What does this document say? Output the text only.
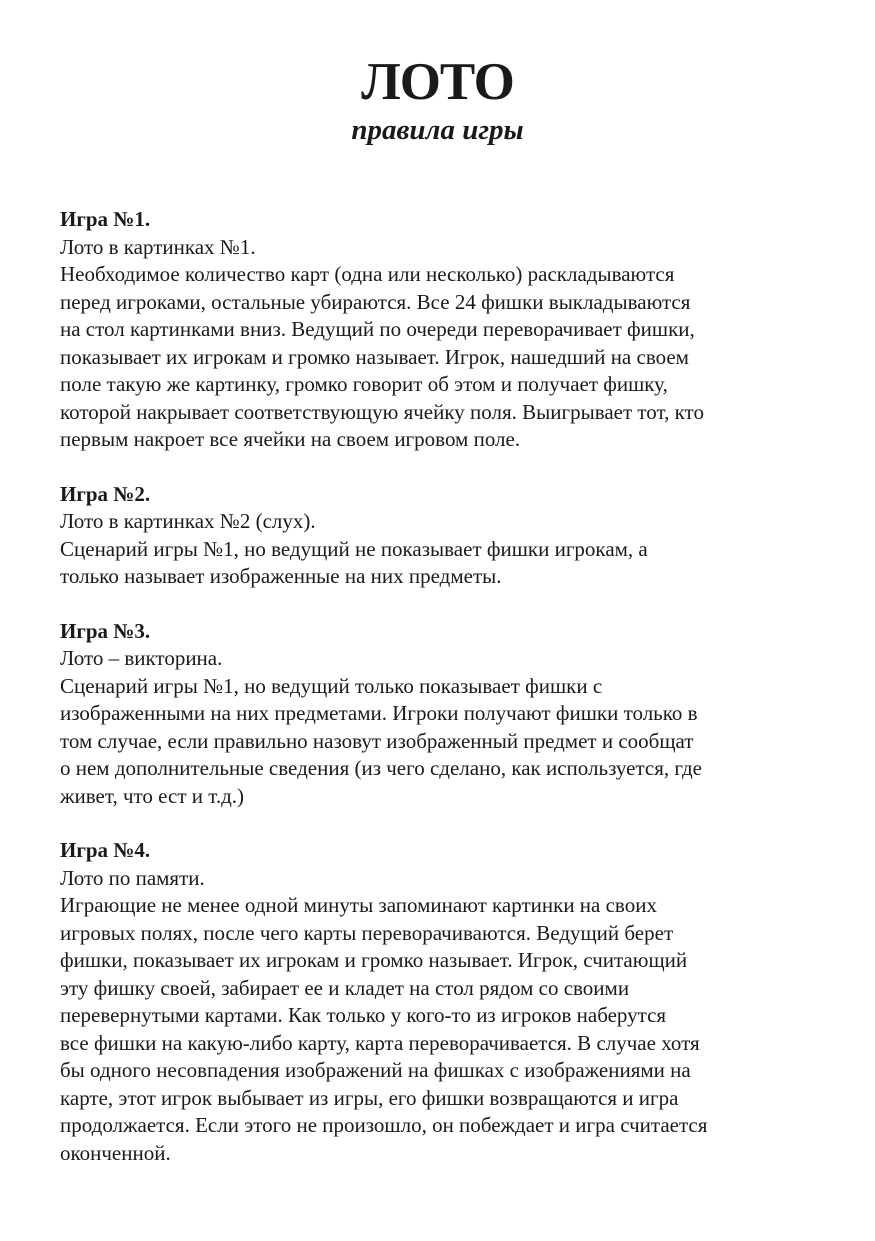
ЛОТО
правила игры

Игра №1.

Лото в картинках №1.

Необходимое количество карт (одна или несколько) раскладываются

перед игроками, остальные убираются. Все 24 фишки выкладываются

на стол картинками вниз. Ведущий по очереди переворачивает фишки,

показывает их игрокам и громко называет. Игрок, нашедший на своем

поле такую же картинку, громко говорит об этом и получает фишку,

которой накрывает соответствующую ячейку поля. Выигрывает тот, кто

первым накроет все ячейки на своем игровом поле.

Игра №2.

Лото в картинках №2 (слух).

Сценарий игры №1, но ведущий не показывает фишки игрокам, а

только называет изображенные на них предметы.

Игра №3.

Лото – викторина.

Сценарий игры №1, но ведущий только показывает фишки с

изображенными на них предметами. Игроки получают фишки только в

том случае, если правильно назовут изображенный предмет и сообщат

о нем дополнительные сведения (из чего сделано, как используется, где

живет, что ест и т.д.)

Игра №4.

Лото по памяти.

Играющие не менее одной минуты запоминают картинки на своих

игровых полях, после чего карты переворачиваются. Ведущий берет

фишки, показывает их игрокам и громко называет. Игрок, считающий

эту фишку своей, забирает ее и кладет на стол рядом со своими

перевернутыми картами. Как только у кого-то из игроков наберутся

все фишки на какую-либо карту, карта переворачивается. В случае хотя

бы одного несовпадения изображений на фишках с изображениями на

карте, этот игрок выбывает из игры, его фишки возвращаются и игра

продолжается. Если этого не произошло, он побеждает и игра считается

оконченной.
